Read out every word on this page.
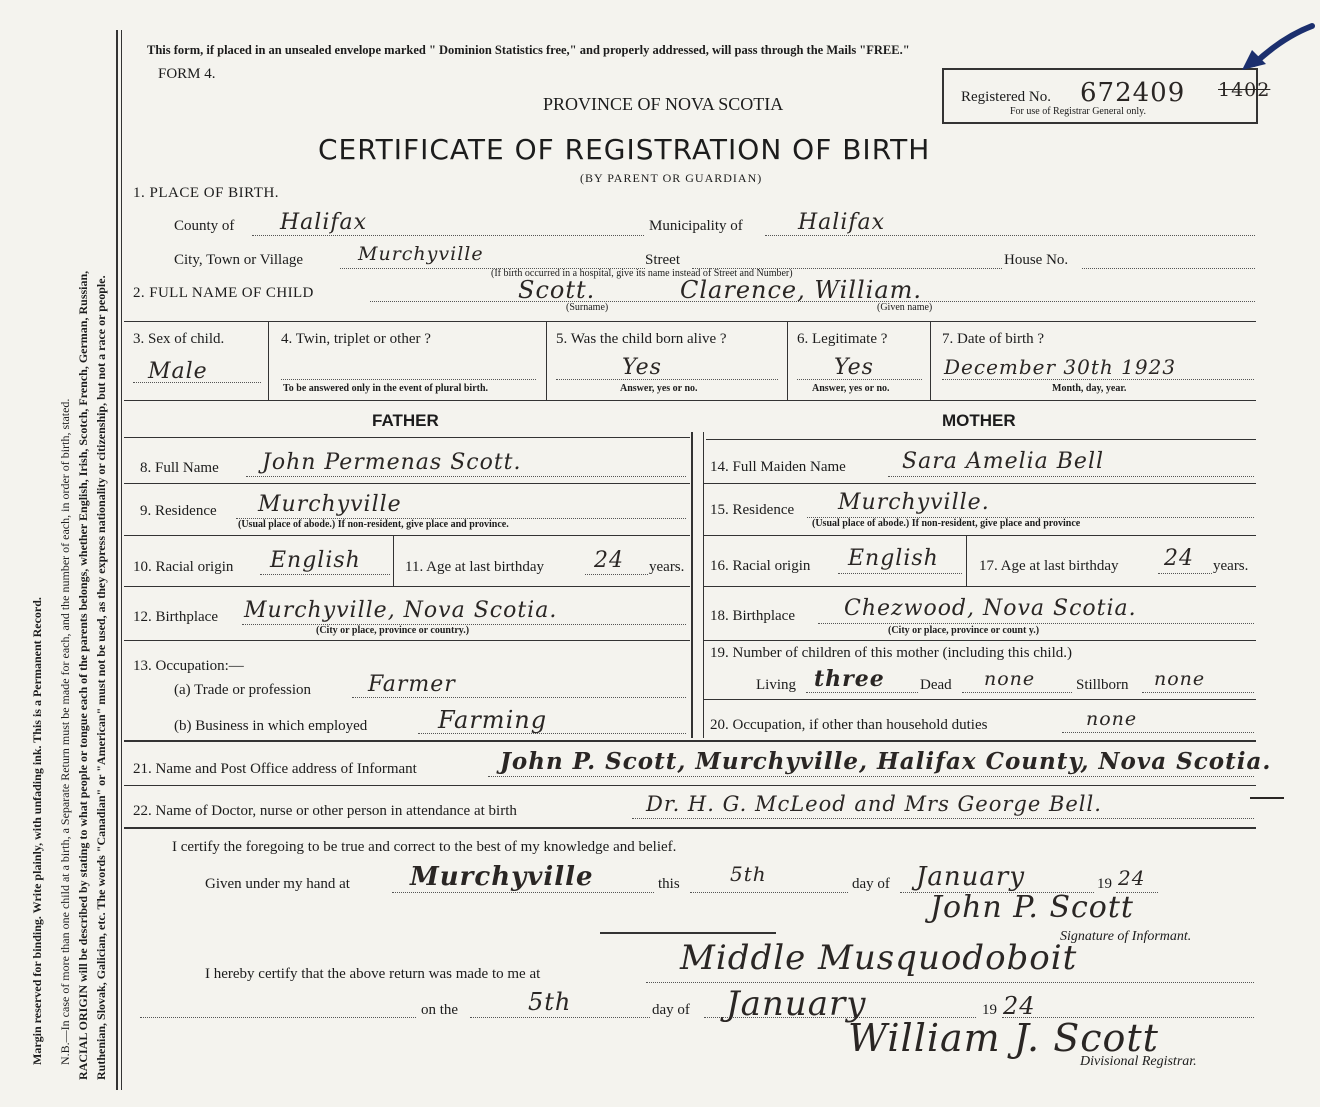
Margin reserved for binding. Write plainly, with unfading ink. This is a Permanent Record. N.B.—In case of more than one child at a birth, a Separate Return must be made for each, and the number of each, in order of birth, stated. RACIAL ORIGIN will be described by stating to what people or tongue each of the parents belongs, whether English, Irish, Scotch, French, German, Russian, Ruthenian, Slovak, Galician, etc. The words "Canadian" or "American" must not be used, as they express nationality or citizenship, but not a race or people.
This form, if placed in an unsealed envelope marked " Dominion Statistics free," and properly addressed, will pass through the Mails "FREE."
FORM 4.
PROVINCE OF NOVA SCOTIA
CERTIFICATE OF REGISTRATION OF BIRTH
(BY PARENT OR GUARDIAN)
Registered No. 672409
For use of Registrar General only.
1402
1. PLACE OF BIRTH.
County of Halifax	Municipality of	Halifax
City, Town or Village	Murchyville	Street	House No.
(If birth occurred in a hospital, give its name instead of Street and Number)
2. FULL NAME OF CHILD	Scott.	Clarence, William.
(Surname)	(Given name)
3. Sex of child.
Male
4. Twin, triplet or other ?
To be answered only in the event of plural birth.
5. Was the child born alive ?
Yes
Answer, yes or no.
6. Legitimate ?
Yes
Answer, yes or no.
7. Date of birth ?
December 30th 1923
Month, day, year.
FATHER	MOTHER
8. Full Name John Permenas Scott.
9. Residence Murchyville
(Usual place of abode.) If non-resident, give place and province.
10. Racial origin English	11. Age at last birthday 24 years.
12. Birthplace Murchyville, Nova Scotia.
(City or place, province or country.)
13. Occupation:—
(a) Trade or profession	Farmer
(b) Business in which employed	Farming
14. Full Maiden Name	Sara Amelia Bell
15. Residence Murchyville.
(Usual place of abode.) If non-resident, give place and province
16. Racial origin English	17. Age at last birthday 24 years.
18. Birthplace Chezwood, Nova Scotia.
(City or place, province or count y.)
19. Number of children of this mother (including this child.)
Living three Dead none	Stillborn none
20. Occupation, if other than household duties	none
21. Name and Post Office address of Informant	John P. Scott, Murchyville, Halifax County, Nova Scotia.
22. Name of Doctor, nurse or other person in attendance at birth	Dr. H. G. McLeod and Mrs George Bell.
I certify the foregoing to be true and correct to the best of my knowledge and belief.
Given under my hand at Murchyville	this	5th	day of January	19 24
John P. Scott
Signature of Informant.
I hereby certify that the above return was made to me at	Middle Musquodoboit
on the	5th	day of January	19 24
William J. Scott
Divisional Registrar.
